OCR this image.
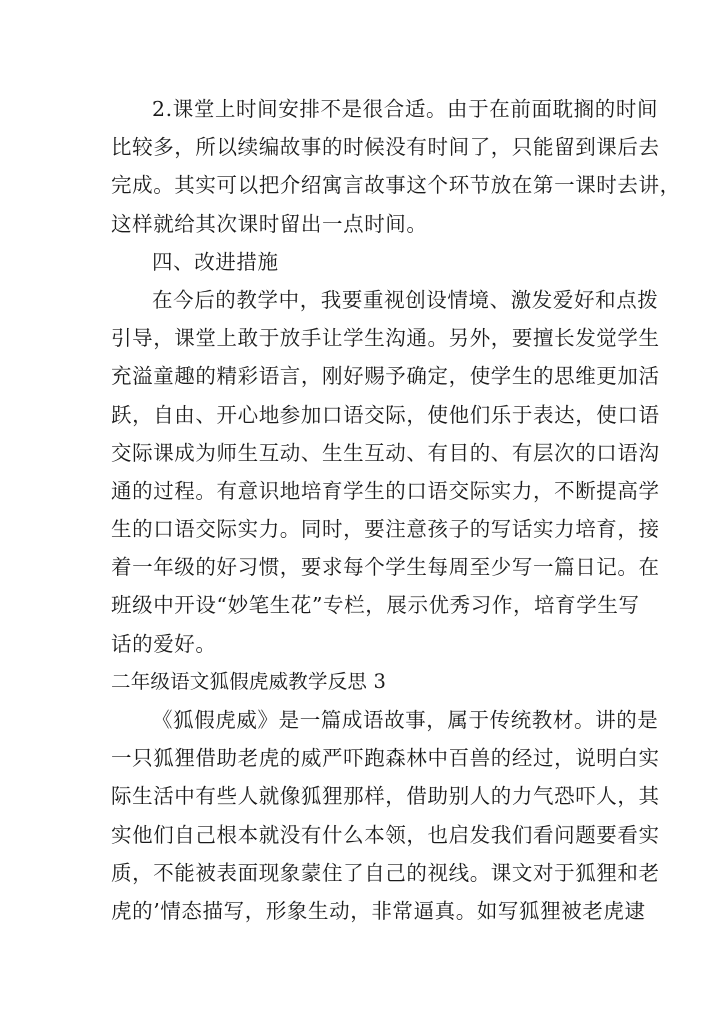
2.课堂上时间安排不是很合适。由于在前面耽搁的时间
比较多，所以续编故事的时候没有时间了，只能留到课后去
完成。其实可以把介绍寓言故事这个环节放在第一课时去讲，
这样就给其次课时留出一点时间。
四、改进措施
在今后的教学中，我要重视创设情境、激发爱好和点拨
引导，课堂上敢于放手让学生沟通。另外，要擅长发觉学生
充溢童趣的精彩语言，刚好赐予确定，使学生的思维更加活
跃，自由、开心地参加口语交际，使他们乐于表达，使口语
交际课成为师生互动、生生互动、有目的、有层次的口语沟
通的过程。有意识地培育学生的口语交际实力，不断提高学
生的口语交际实力。同时，要注意孩子的写话实力培育，接
着一年级的好习惯，要求每个学生每周至少写一篇日记。在
班级中开设“妙笔生花”专栏，展示优秀习作，培育学生写
话的爱好。
二年级语文狐假虎威教学反思 3
《狐假虎威》是一篇成语故事，属于传统教材。讲的是
一只狐狸借助老虎的威严吓跑森林中百兽的经过，说明白实
际生活中有些人就像狐狸那样，借助别人的力气恐吓人，其
实他们自己根本就没有什么本领，也启发我们看问题要看实
质，不能被表面现象蒙住了自己的视线。课文对于狐狸和老
虎的’情态描写，形象生动，非常逼真。如写狐狸被老虎逮
